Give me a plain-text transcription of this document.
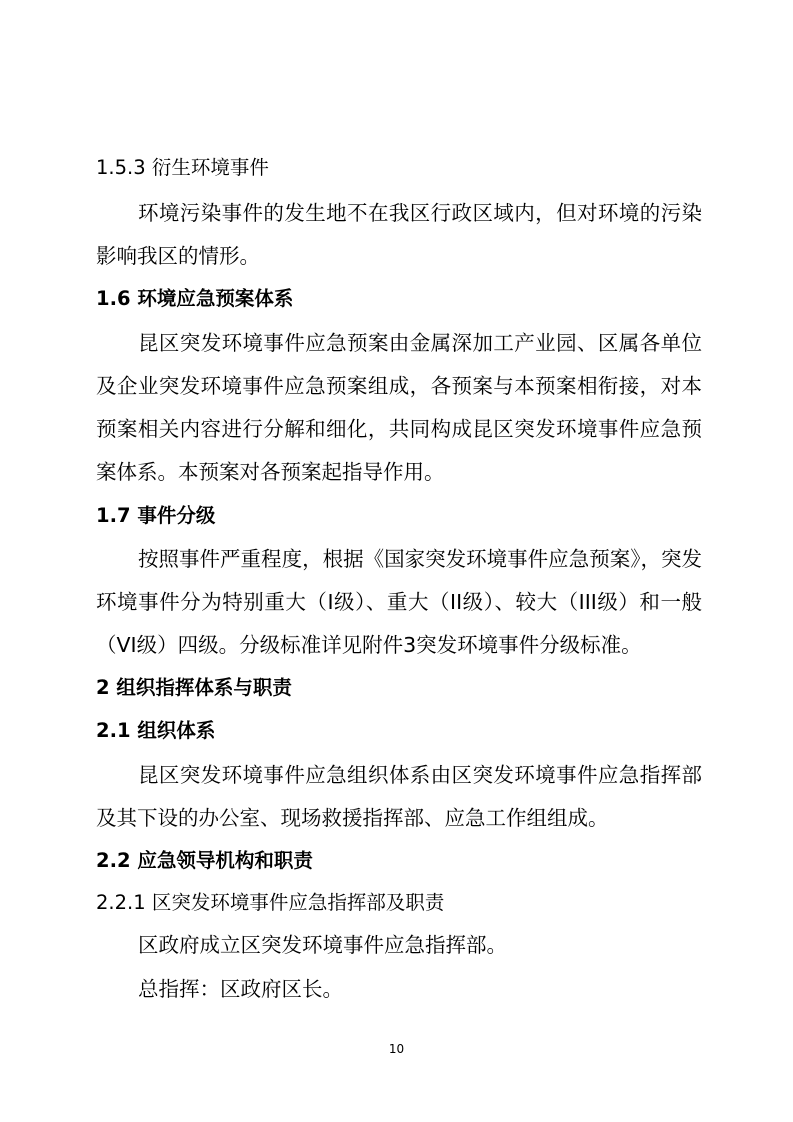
1.5.3 衍生环境事件
环境污染事件的发生地不在我区行政区域内，但对环境的污染影响我区的情形。
1.6 环境应急预案体系
昆区突发环境事件应急预案由金属深加工产业园、区属各单位及企业突发环境事件应急预案组成，各预案与本预案相衔接，对本预案相关内容进行分解和细化，共同构成昆区突发环境事件应急预案体系。本预案对各预案起指导作用。
1.7 事件分级
按照事件严重程度，根据《国家突发环境事件应急预案》，突发环境事件分为特别重大（I级）、重大（II级）、较大（III级）和一般（VI级）四级。分级标准详见附件3突发环境事件分级标准。
2 组织指挥体系与职责
2.1 组织体系
昆区突发环境事件应急组织体系由区突发环境事件应急指挥部及其下设的办公室、现场救援指挥部、应急工作组组成。
2.2 应急领导机构和职责
2.2.1 区突发环境事件应急指挥部及职责
区政府成立区突发环境事件应急指挥部。
总指挥：区政府区长。
10
